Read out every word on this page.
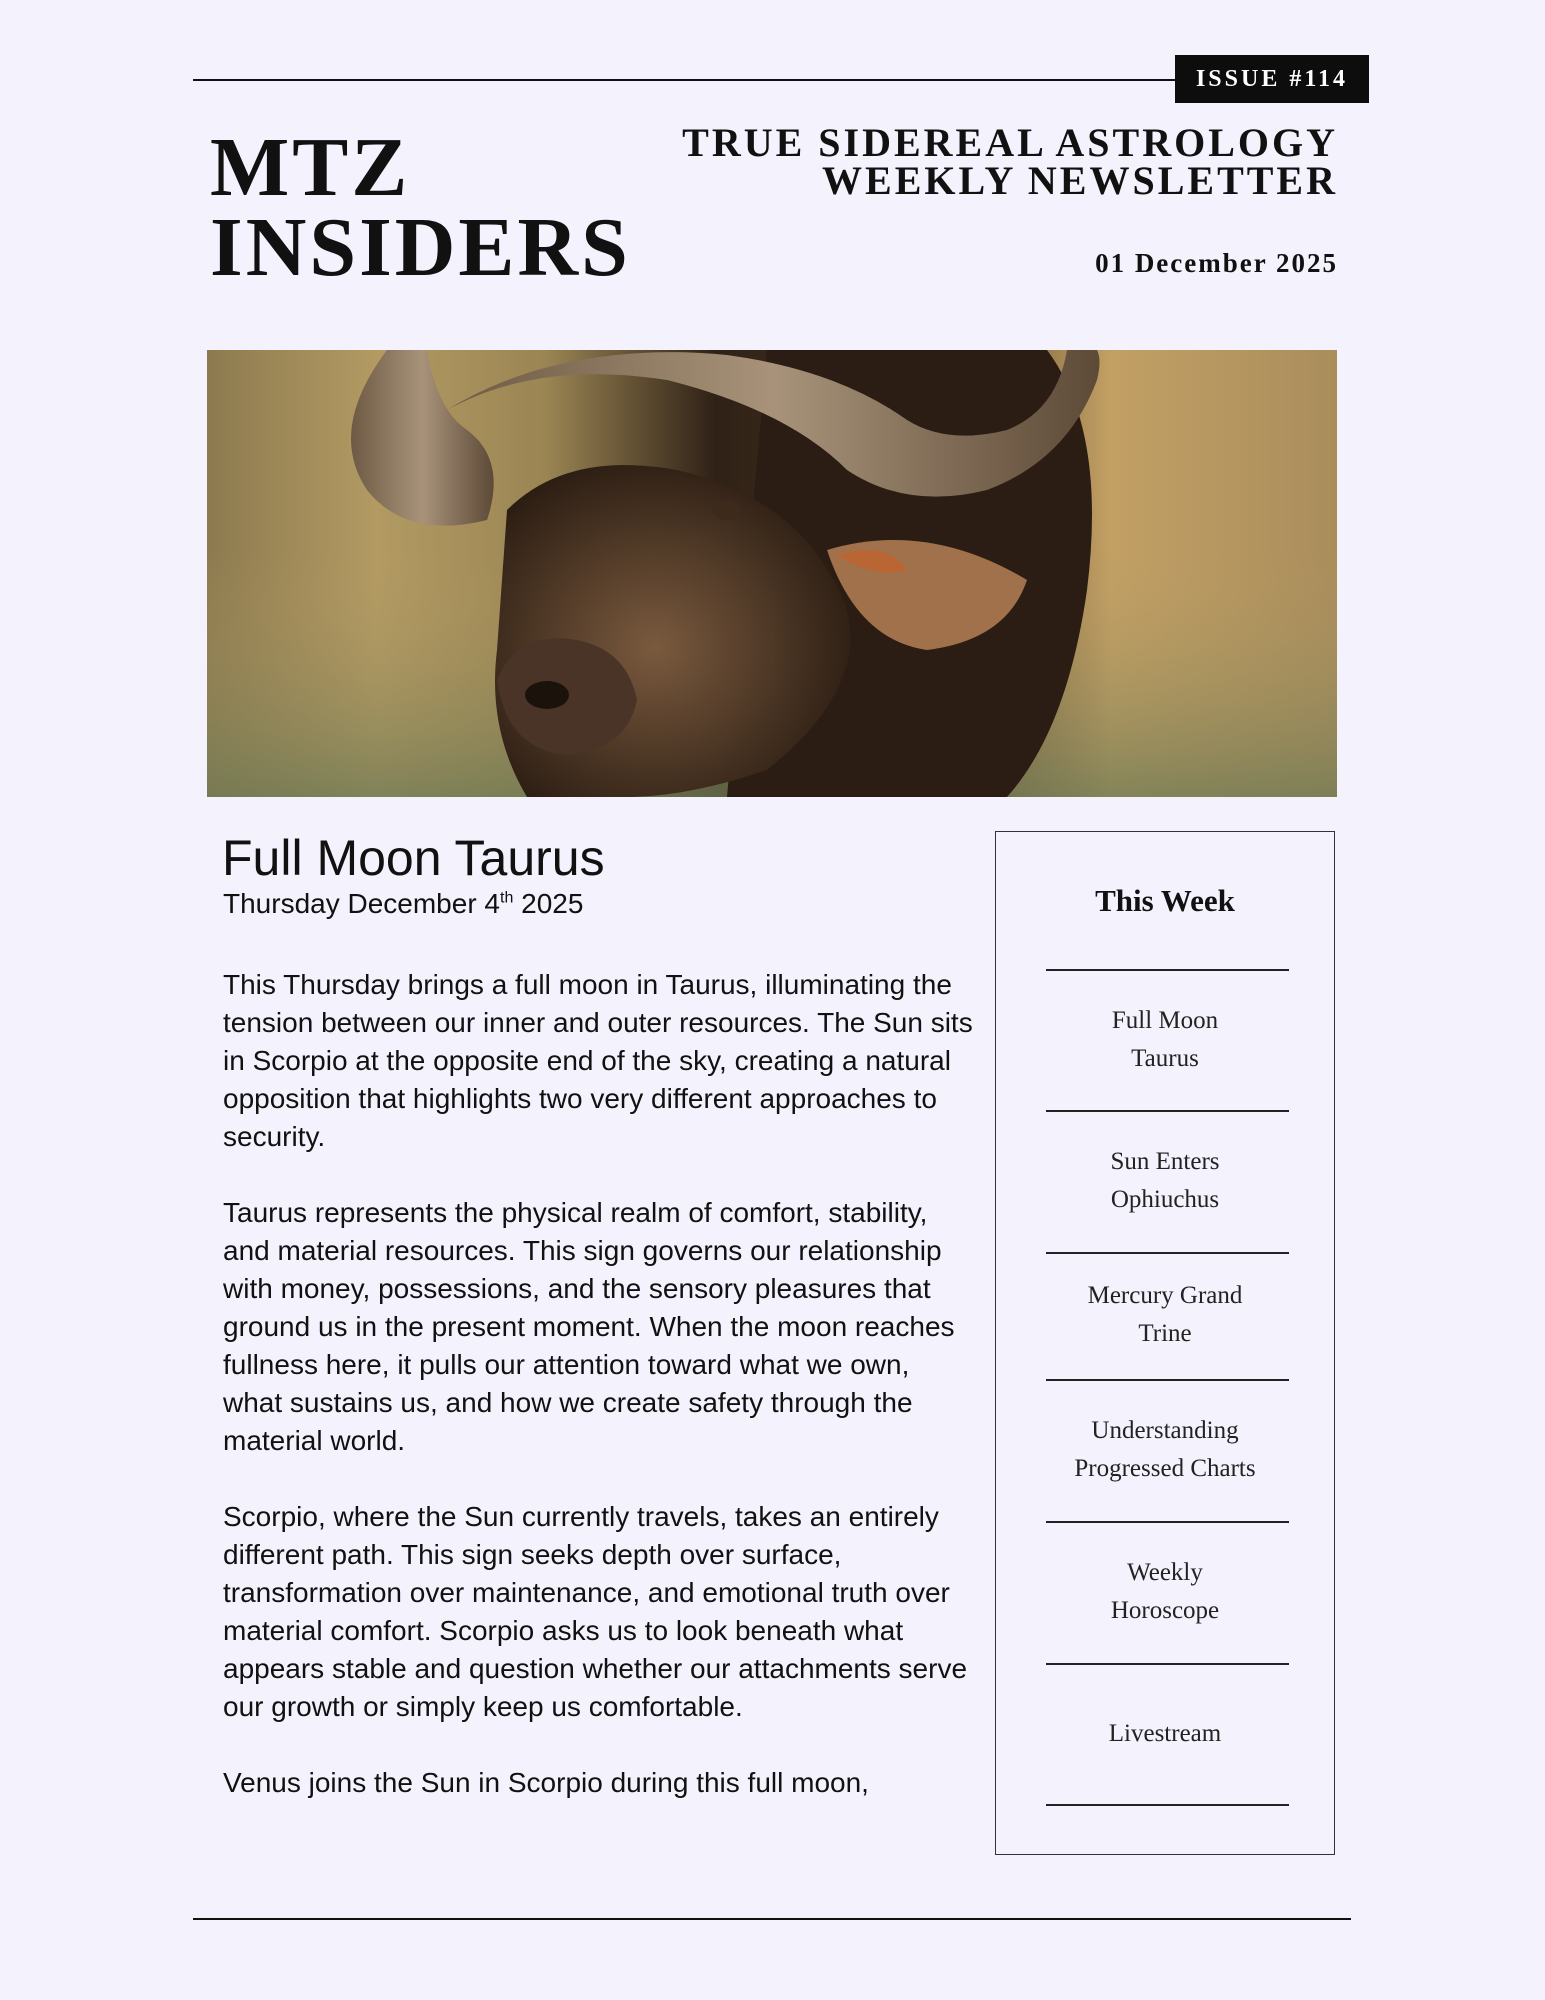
ISSUE #114
MTZ
INSIDERS
TRUE SIDEREAL ASTROLOGY
WEEKLY NEWSLETTER
01 December 2025
Full Moon Taurus
Thursday December 4th 2025

This Thursday brings a full moon in Taurus, illuminating the tension between our inner and outer resources. The Sun sits in Scorpio at the opposite end of the sky, creating a natural opposition that highlights two very different approaches to security.

Taurus represents the physical realm of comfort, stability, and material resources. This sign governs our relationship with money, possessions, and the sensory pleasures that ground us in the present moment. When the moon reaches fullness here, it pulls our attention toward what we own, what sustains us, and how we create safety through the material world.

Scorpio, where the Sun currently travels, takes an entirely different path. This sign seeks depth over surface, transformation over maintenance, and emotional truth over material comfort. Scorpio asks us to look beneath what appears stable and question whether our attachments serve our growth or simply keep us comfortable.

Venus joins the Sun in Scorpio during this full moon,

This Week
Full Moon
Taurus
Sun Enters
Ophiuchus
Mercury Grand
Trine
Understanding
Progressed Charts
Weekly
Horoscope
Livestream
